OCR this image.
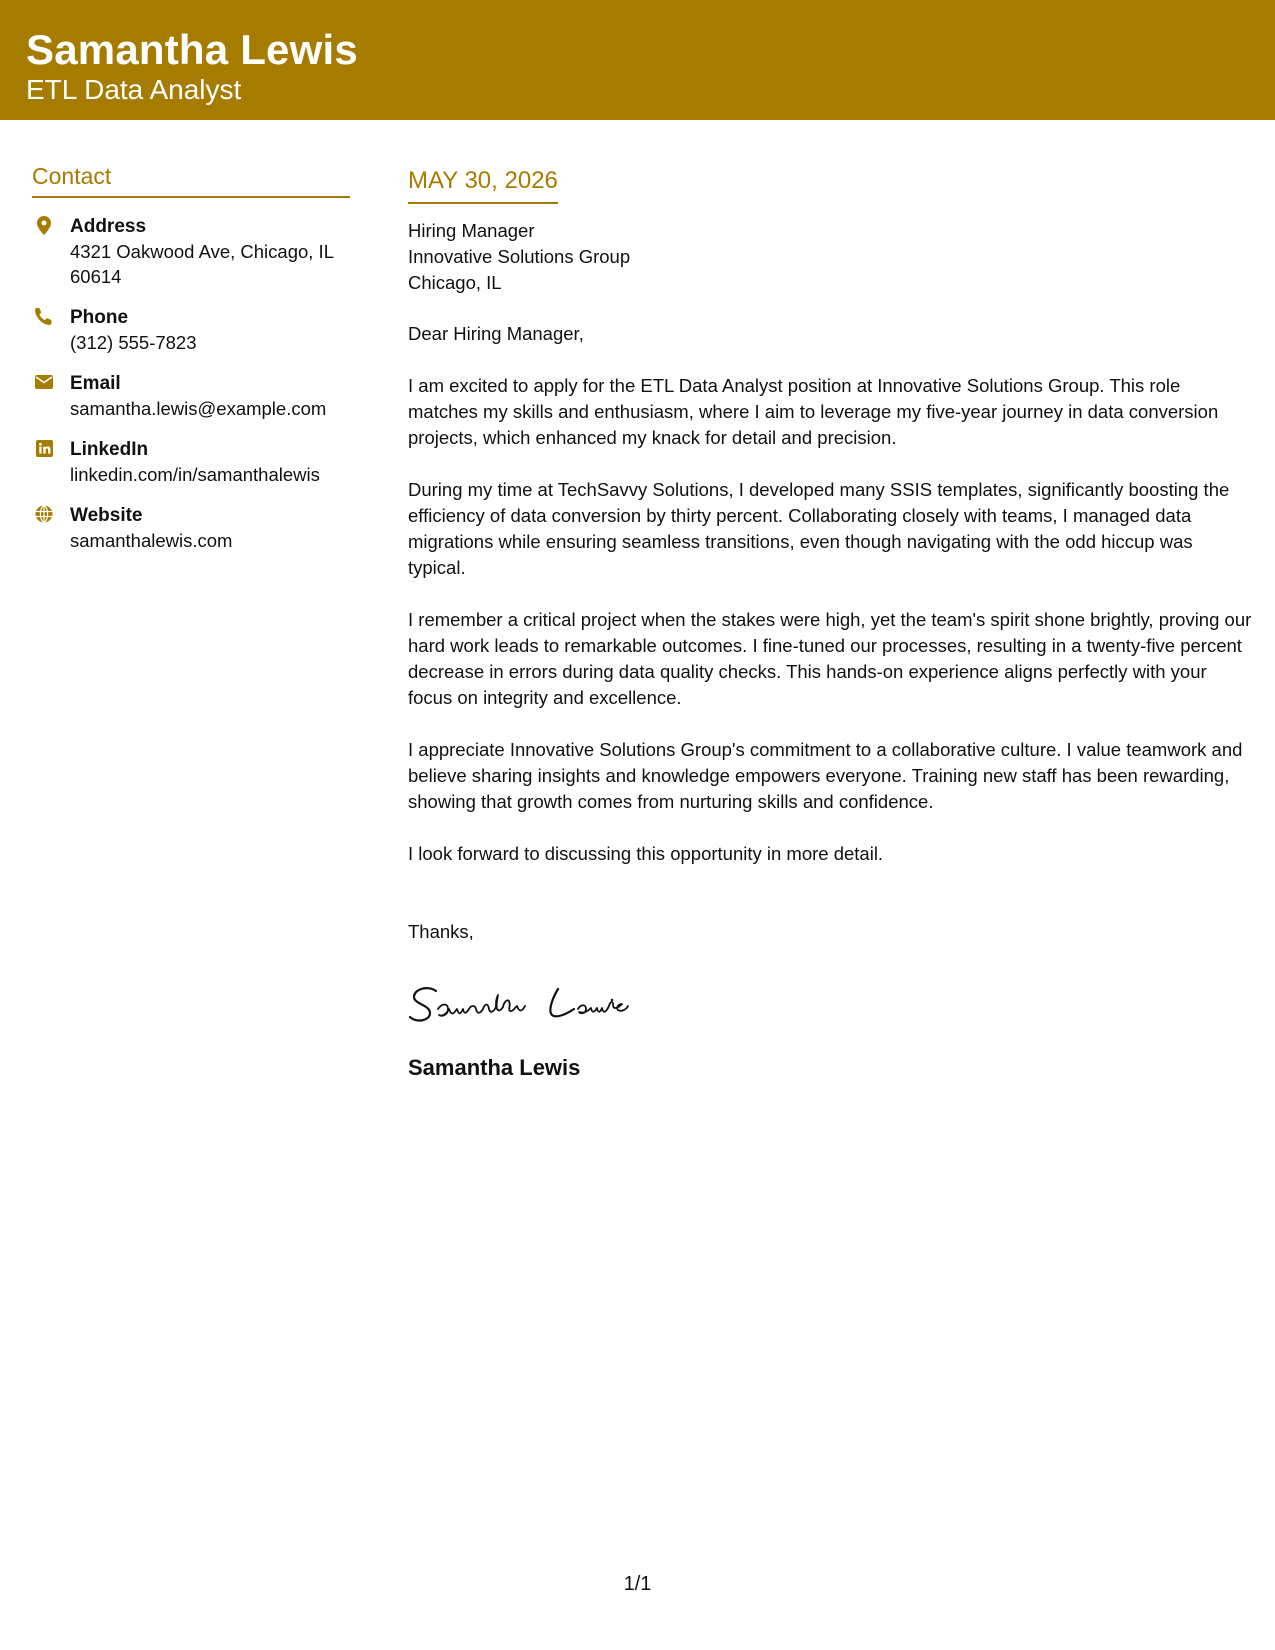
Samantha Lewis
ETL Data Analyst
Contact
Address
4321 Oakwood Ave, Chicago, IL 60614
Phone
(312) 555-7823
Email
samantha.lewis@example.com
LinkedIn
linkedin.com/in/samanthalewis
Website
samanthalewis.com
MAY 30, 2026
Hiring Manager
Innovative Solutions Group
Chicago, IL
Dear Hiring Manager,
I am excited to apply for the ETL Data Analyst position at Innovative Solutions Group. This role matches my skills and enthusiasm, where I aim to leverage my five-year journey in data conversion projects, which enhanced my knack for detail and precision.
During my time at TechSavvy Solutions, I developed many SSIS templates, significantly boosting the efficiency of data conversion by thirty percent. Collaborating closely with teams, I managed data migrations while ensuring seamless transitions, even though navigating with the odd hiccup was typical.
I remember a critical project when the stakes were high, yet the team's spirit shone brightly, proving our hard work leads to remarkable outcomes. I fine-tuned our processes, resulting in a twenty-five percent decrease in errors during data quality checks. This hands-on experience aligns perfectly with your focus on integrity and excellence.
I appreciate Innovative Solutions Group's commitment to a collaborative culture. I value teamwork and believe sharing insights and knowledge empowers everyone. Training new staff has been rewarding, showing that growth comes from nurturing skills and confidence.
I look forward to discussing this opportunity in more detail.
Thanks,
Samantha Lewis
1/1
